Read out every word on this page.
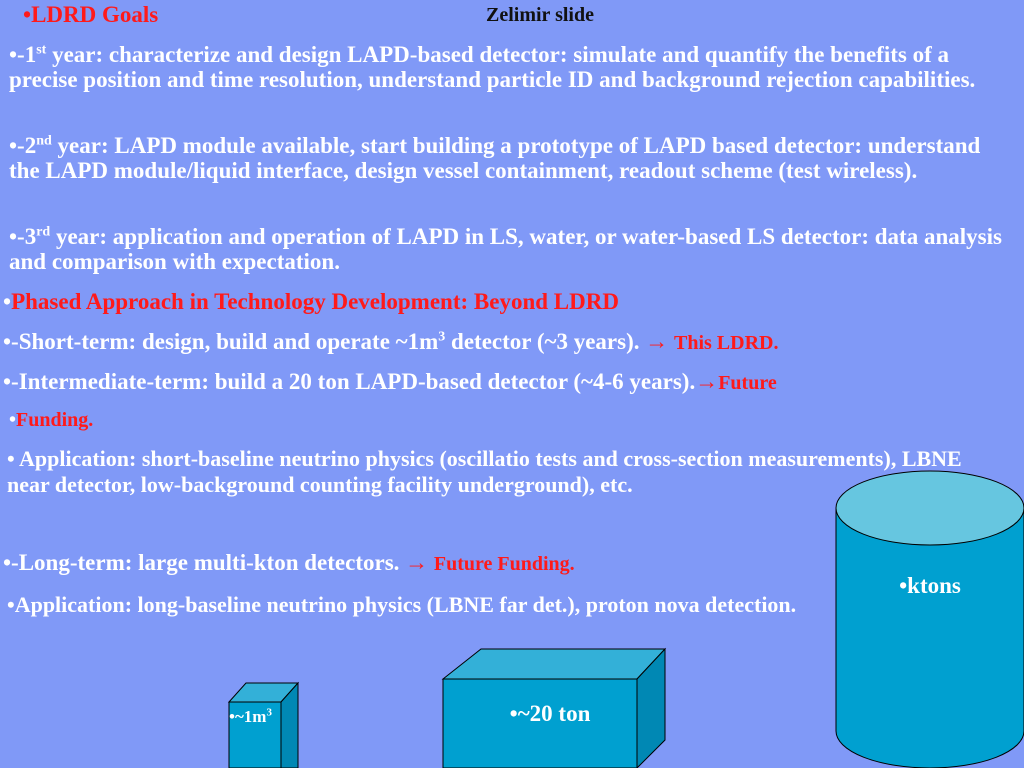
•LDRD Goals	Zelimir slide

•-1st year: characterize and design LAPD-based detector: simulate and quantify the benefits of a precise position and time resolution, understand particle ID and background rejection capabilities.

•-2nd year: LAPD module available, start building a prototype of LAPD based detector: understand the LAPD module/liquid interface, design vessel containment, readout scheme (test wireless).

•-3rd year: application and operation of LAPD in LS, water, or water-based LS detector: data analysis and comparison with expectation.

•Phased Approach in Technology Development: Beyond LDRD

•-Short-term: design, build and operate $\sim 1m^3$ detector (~3 years). → This LDRD.

•-Intermediate-term: build a 20 ton LAPD-based detector (~4-6 years).→Future

•Funding.

• Application: short-baseline neutrino physics (oscillatio tests and cross-section measurements), LBNE near detector, low-background counting facility underground), etc.

•-Long-term: large multi-kton detectors. → Future Funding.

•Application: long-baseline neutrino physics (LBNE far det.), proton nova detection.

$•\sim 1m^3$	•~20 ton
•ktons
